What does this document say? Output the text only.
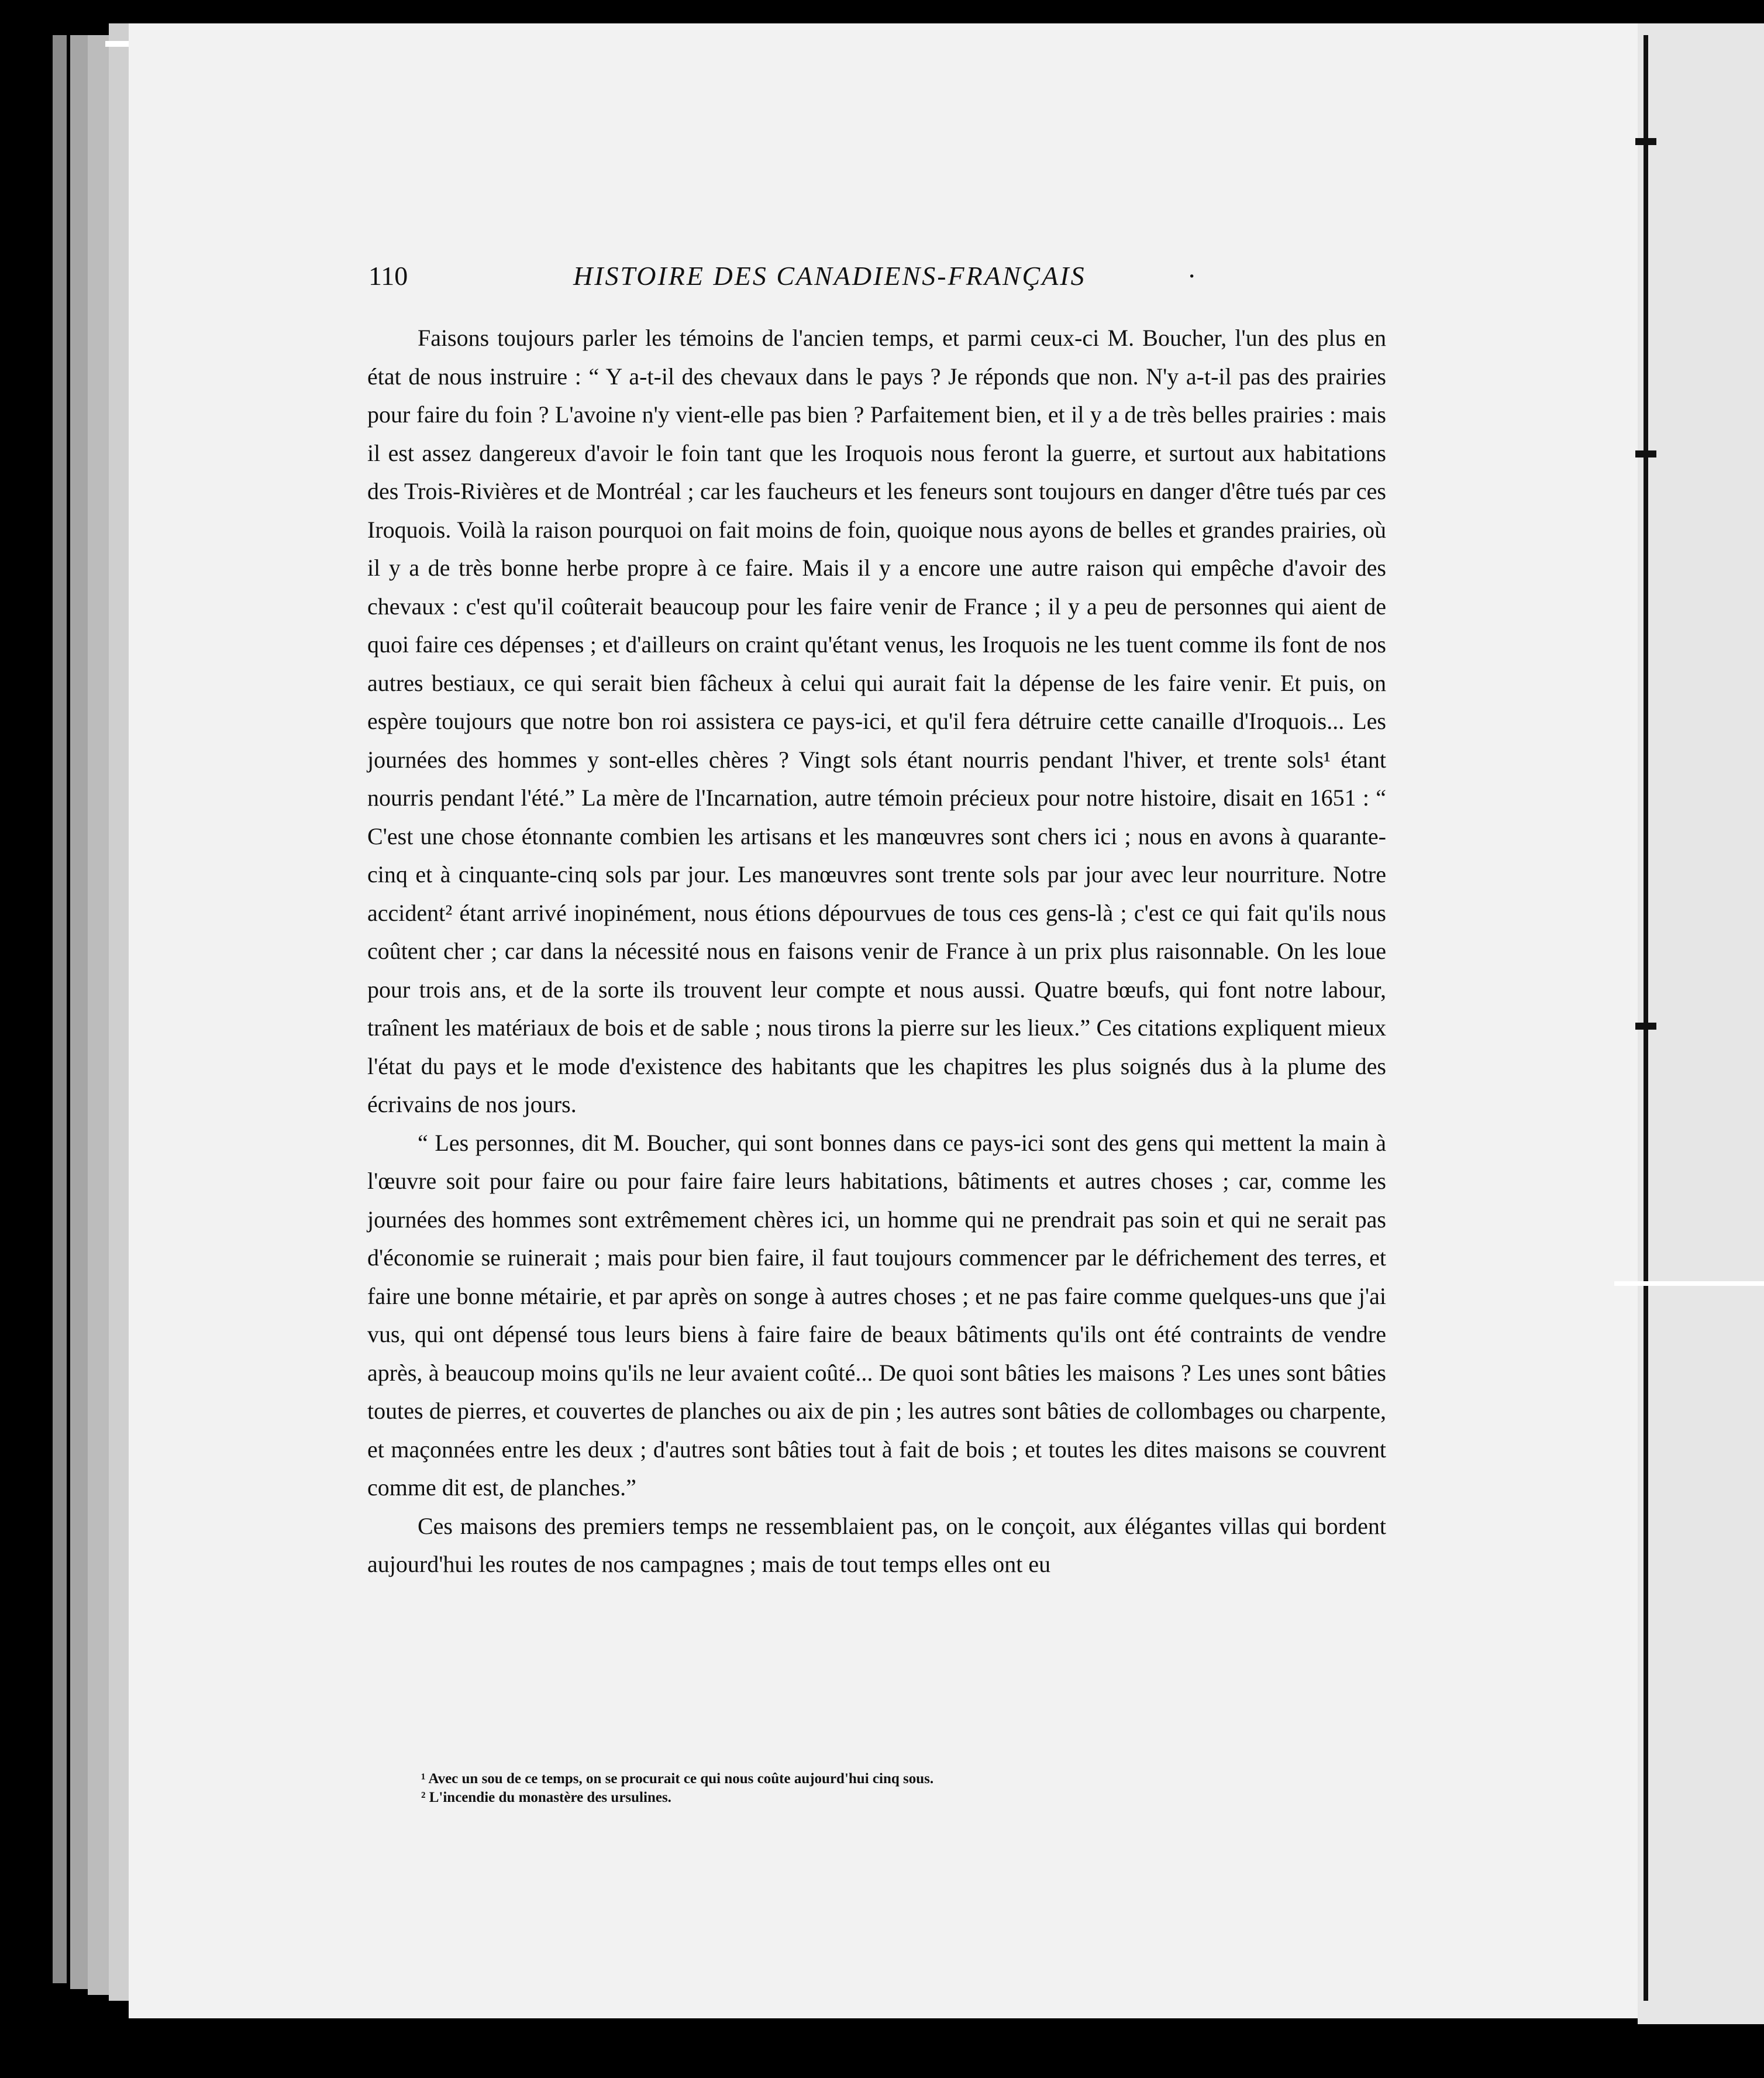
110	HISTOIRE DES CANADIENS-FRANÇAIS	·

Faisons toujours parler les témoins de l'ancien temps, et parmi ceux-ci M. Boucher, l'un des plus en état de nous instruire : “ Y a-t-il des chevaux dans le pays ? Je réponds que non. N'y a-t-il pas des prairies pour faire du foin ? L'avoine n'y vient-elle pas bien ? Parfaitement bien, et il y a de très belles prairies : mais il est assez dangereux d'avoir le foin tant que les Iroquois nous feront la guerre, et surtout aux habitations des Trois-Rivières et de Montréal ; car les faucheurs et les feneurs sont toujours en danger d'être tués par ces Iroquois. Voilà la raison pourquoi on fait moins de foin, quoique nous ayons de belles et grandes prairies, où il y a de très bonne herbe propre à ce faire. Mais il y a encore une autre raison qui empêche d'avoir des chevaux : c'est qu'il coûterait beaucoup pour les faire venir de France ; il y a peu de personnes qui aient de quoi faire ces dépenses ; et d'ailleurs on craint qu'étant venus, les Iroquois ne les tuent comme ils font de nos autres bestiaux, ce qui serait bien fâcheux à celui qui aurait fait la dépense de les faire venir. Et puis, on espère toujours que notre bon roi assistera ce pays-ici, et qu'il fera détruire cette canaille d'Iroquois... Les journées des hommes y sont-elles chères ? Vingt sols étant nourris pendant l'hiver, et trente sols¹ étant nourris pendant l'été.” La mère de l'Incarnation, autre témoin précieux pour notre histoire, disait en 1651 : “ C'est une chose étonnante combien les artisans et les manœuvres sont chers ici ; nous en avons à quarante-cinq et à cinquante-cinq sols par jour. Les manœuvres sont trente sols par jour avec leur nourriture. Notre accident² étant arrivé inopinément, nous étions dépourvues de tous ces gens-là ; c'est ce qui fait qu'ils nous coûtent cher ; car dans la nécessité nous en faisons venir de France à un prix plus raisonnable. On les loue pour trois ans, et de la sorte ils trouvent leur compte et nous aussi. Quatre bœufs, qui font notre labour, traînent les matériaux de bois et de sable ; nous tirons la pierre sur les lieux.” Ces citations expliquent mieux l'état du pays et le mode d'existence des habitants que les chapitres les plus soignés dus à la plume des écrivains de nos jours.

“ Les personnes, dit M. Boucher, qui sont bonnes dans ce pays-ici sont des gens qui mettent la main à l'œuvre soit pour faire ou pour faire faire leurs habitations, bâtiments et autres choses ; car, comme les journées des hommes sont extrêmement chères ici, un homme qui ne prendrait pas soin et qui ne serait pas d'économie se ruinerait ; mais pour bien faire, il faut toujours commencer par le défrichement des terres, et faire une bonne métairie, et par après on songe à autres choses ; et ne pas faire comme quelques-uns que j'ai vus, qui ont dépensé tous leurs biens à faire faire de beaux bâtiments qu'ils ont été contraints de vendre après, à beaucoup moins qu'ils ne leur avaient coûté... De quoi sont bâties les maisons ? Les unes sont bâties toutes de pierres, et couvertes de planches ou aix de pin ; les autres sont bâties de collombages ou charpente, et maçonnées entre les deux ; d'autres sont bâties tout à fait de bois ; et toutes les dites maisons se couvrent comme dit est, de planches.”

Ces maisons des premiers temps ne ressemblaient pas, on le conçoit, aux élégantes villas qui bordent aujourd'hui les routes de nos campagnes ; mais de tout temps elles ont eu

¹ Avec un sou de ce temps, on se procurait ce qui nous coûte aujourd'hui cinq sous.

² L'incendie du monastère des ursulines.
